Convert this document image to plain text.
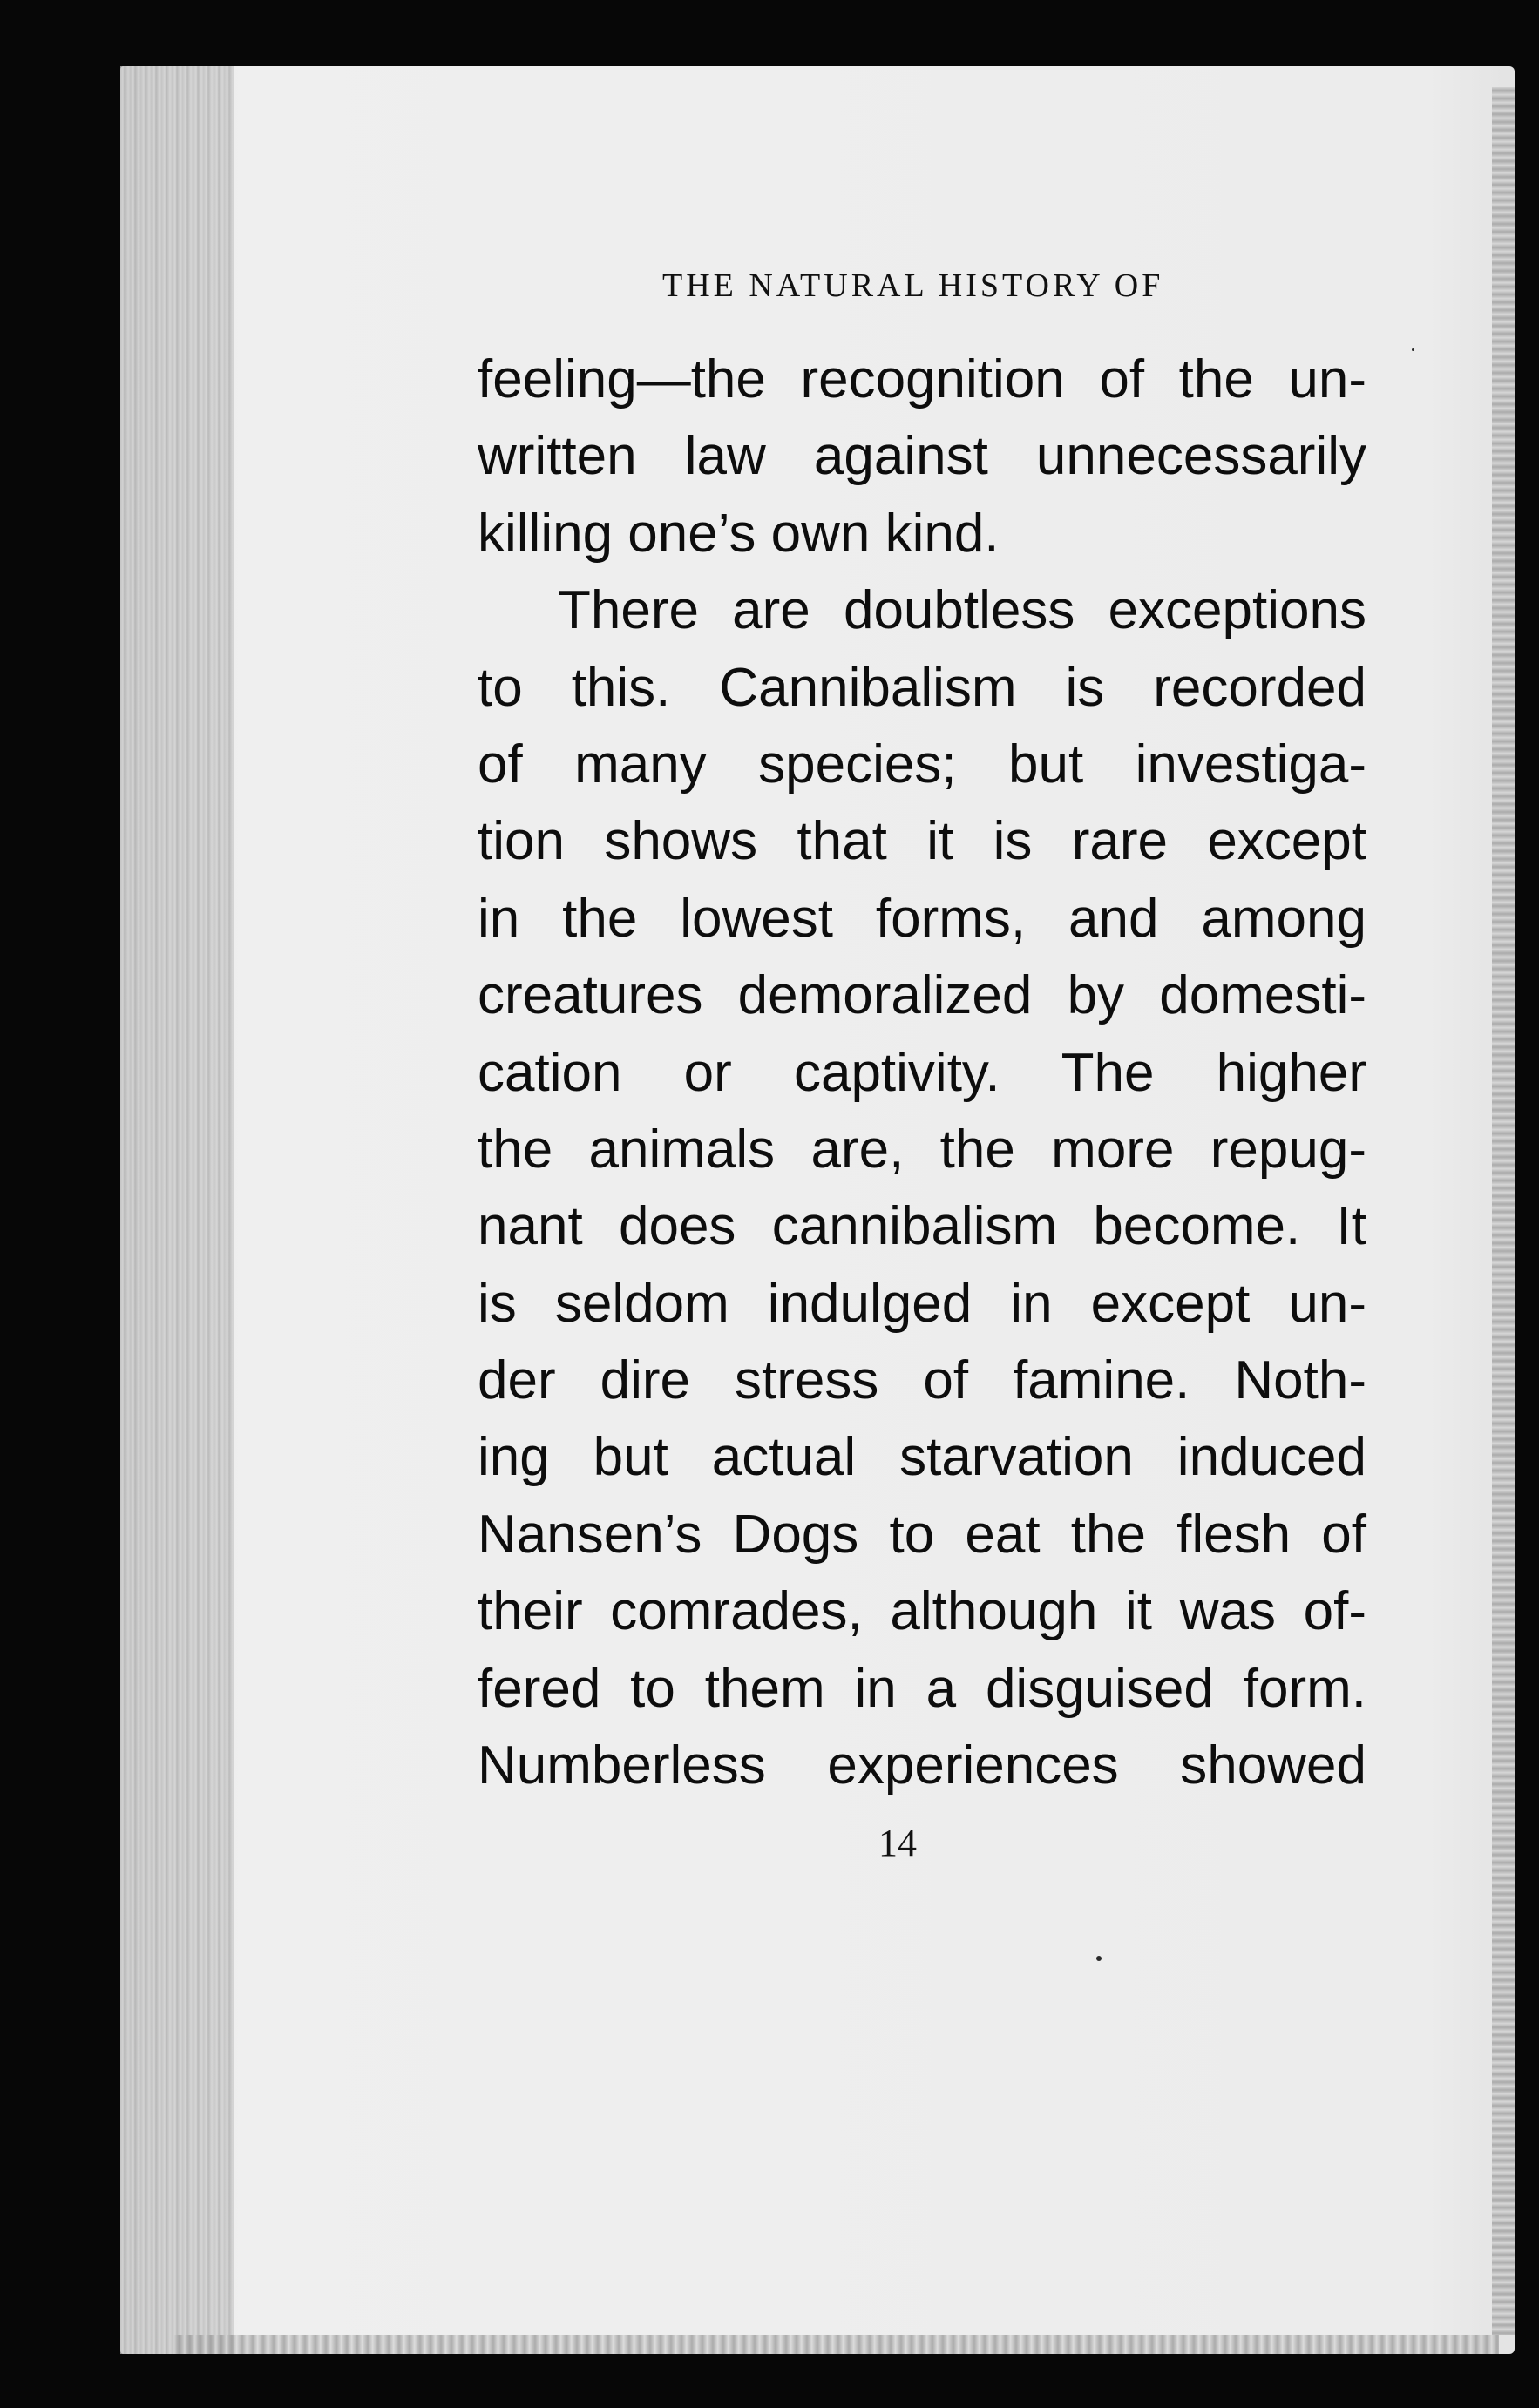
THE NATURAL HISTORY OF
feeling—the recognition of the un-
written law against unnecessarily
killing one’s own kind.
There are doubtless exceptions
to this. Cannibalism is recorded
of many species; but investiga-
tion shows that it is rare except
in the lowest forms, and among
creatures demoralized by domesti-
cation or captivity. The higher
the animals are, the more repug-
nant does cannibalism become. It
is seldom indulged in except un-
der dire stress of famine. Noth-
ing but actual starvation induced
Nansen’s Dogs to eat the flesh of
their comrades, although it was of-
fered to them in a disguised form.
Numberless experiences showed
14
